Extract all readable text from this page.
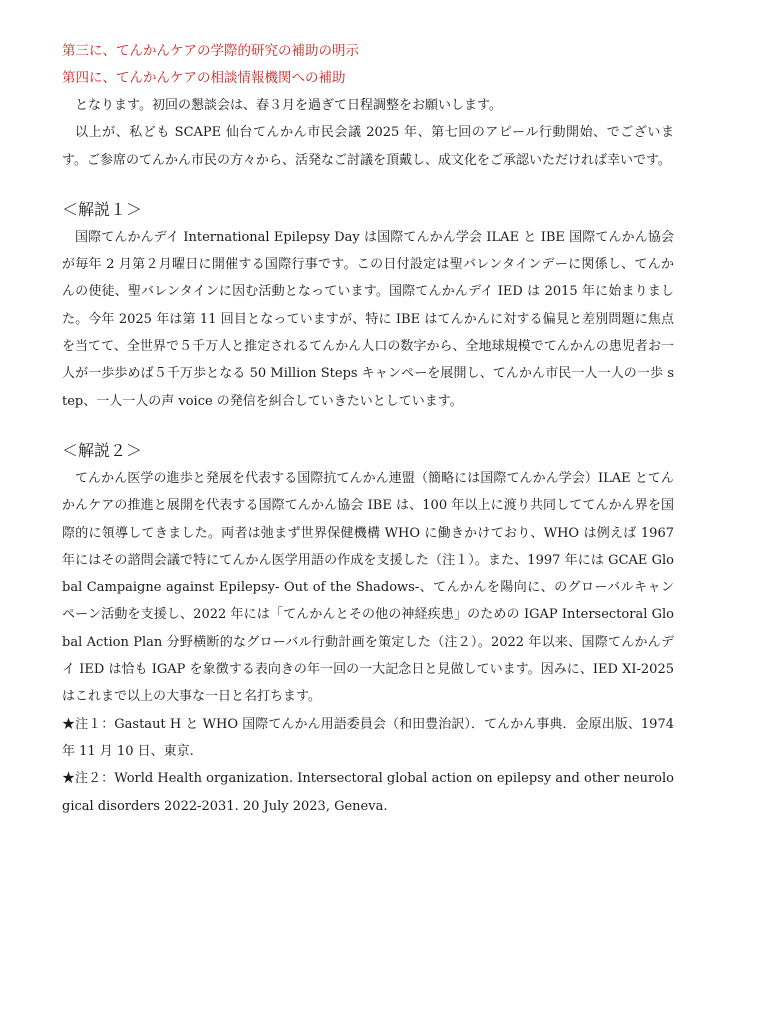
第三に、てんかんケアの学際的研究の補助の明示
第四に、てんかんケアの相談情報機関への補助

となります。初回の懇談会は、春３月を過ぎて日程調整をお願いします。

以上が、私ども SCAPE 仙台てんかん市民会議 2025 年、第七回のアピール行動開始、でございます。ご参席のてんかん市民の方々から、活発なご討議を頂戴し、成文化をご承認いただければ幸いです。

＜解説１＞

国際てんかんデイ International Epilepsy Day は国際てんかん学会 ILAE と IBE 国際てんかん協会が毎年 2 月第２月曜日に開催する国際行事です。この日付設定は聖バレンタインデーに関係し、てんかんの使徒、聖バレンタインに因む活動となっています。国際てんかんデイ IED は 2015 年に始まりました。今年 2025 年は第 11 回目となっていますが、特に IBE はてんかんに対する偏見と差別問題に焦点を当てて、全世界で５千万人と推定されるてんかん人口の数字から、全地球規模でてんかんの患児者お一人が一歩歩めば５千万歩となる 50 Million Steps キャンペーを展開し、てんかん市民一人一人の一歩 step、一人一人の声 voice の発信を糾合していきたいとしています。

＜解説２＞

てんかん医学の進歩と発展を代表する国際抗てんかん連盟（簡略には国際てんかん学会）ILAE とてんかんケアの推進と展開を代表する国際てんかん協会 IBE は、100 年以上に渡り共同しててんかん界を国際的に領導してきました。両者は弛まず世界保健機構 WHO に働きかけており、WHO は例えば 1967 年にはその諮問会議で特にてんかん医学用語の作成を支援した（注１）。また、1997 年には GCAE Global Campaigne against Epilepsy- Out of the Shadows-、てんかんを陽向に、のグローバルキャンペーン活動を支援し、2022 年には「てんかんとその他の神経疾患」のための IGAP Intersectoral Global Action Plan 分野横断的なグローバル行動計画を策定した（注２）。2022 年以来、国際てんかんデイ IED は恰も IGAP を象徴する表向きの年一回の一大記念日と見做しています。因みに、IED XI-2025 はこれまで以上の大事な一日と名打ちます。

★注１：Gastaut H と WHO 国際てんかん用語委員会（和田豊治訳）．てんかん事典．金原出版、1974 年 11 月 10 日、東京.

★注２：World Health organization. Intersectoral global action on epilepsy and other neurological disorders 2022-2031. 20 July 2023, Geneva.
